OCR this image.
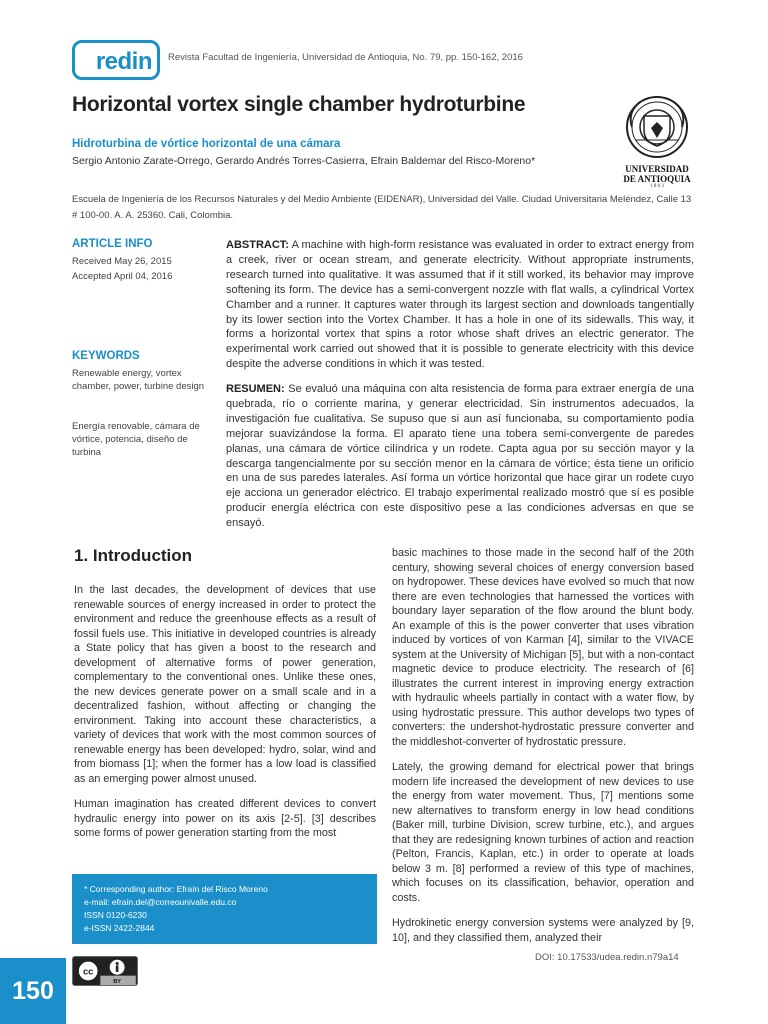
redin	Revista Facultad de Ingeniería, Universidad de Antioquia, No. 79, pp. 150-162, 2016
Horizontal vortex single chamber hydroturbine
Hidroturbina de vórtice horizontal de una cámara
Sergio Antonio Zarate-Orrego, Gerardo Andrés Torres-Casierra, Efrain Baldemar del Risco-Moreno*
UNIVERSIDAD
DE ANTIOQUIA
1 8 0 3
Escuela de Ingeniería de los Recursos Naturales y del Medio Ambiente (EIDENAR), Universidad del Valle. Ciudad Universitaria Meléndez, Calle 13 # 100-00. A. A. 25360. Cali, Colombia.
ARTICLE INFO
Received May 26, 2015
Accepted April 04, 2016
KEYWORDS
Renewable energy, vortex chamber, power, turbine design
Energía renovable, cámara de vórtice, potencia, diseño de turbina
ABSTRACT: A machine with high-form resistance was evaluated in order to extract energy from a creek, river or ocean stream, and generate electricity. Without appropriate instruments, research turned into qualitative. It was assumed that if it still worked, its behavior may improve softening its form. The device has a semi-convergent nozzle with flat walls, a cylindrical Vortex Chamber and a runner. It captures water through its largest section and downloads tangentially by its lower section into the Vortex Chamber. It has a hole in one of its sidewalls. This way, it forms a horizontal vortex that spins a rotor whose shaft drives an electric generator. The experimental work carried out showed that it is possible to generate electricity with this device despite the adverse conditions in which it was tested.
RESUMEN: Se evaluó una máquina con alta resistencia de forma para extraer energía de una quebrada, río o corriente marina, y generar electricidad. Sin instrumentos adecuados, la investigación fue cualitativa. Se supuso que si aun así funcionaba, su comportamiento podía mejorar suavizándose la forma. El aparato tiene una tobera semi-convergente de paredes planas, una cámara de vórtice cilíndrica y un rodete. Capta agua por su sección mayor y la descarga tangencialmente por su sección menor en la cámara de vórtice; ésta tiene un orificio en una de sus paredes laterales. Así forma un vórtice horizontal que hace girar un rodete cuyo eje acciona un generador eléctrico. El trabajo experimental realizado mostró que sí es posible producir energía eléctrica con este dispositivo pese a las condiciones adversas en que se ensayó.
1. Introduction

In the last decades, the development of devices that use renewable sources of energy increased in order to protect the environment and reduce the greenhouse effects as a result of fossil fuels use. This initiative in developed countries is already a State policy that has given a boost to the research and development of alternative forms of power generation, complementary to the conventional ones. Unlike these ones, the new devices generate power on a small scale and in a decentralized fashion, without affecting or changing the environment. Taking into account these characteristics, a variety of devices that work with the most common sources of renewable energy has been developed: hydro, solar, wind and from biomass [1]; when the former has a low load is classified as an emerging power almost unused.

Human imagination has created different devices to convert hydraulic energy into power on its axis [2-5]. [3] describes some forms of power generation starting from the most

basic machines to those made in the second half of the 20th century, showing several choices of energy conversion based on hydropower. These devices have evolved so much that now there are even technologies that harnessed the vortices with boundary layer separation of the flow around the blunt body. An example of this is the power converter that uses vibration induced by vortices of von Karman [4], similar to the VIVACE system at the University of Michigan [5], but with a non-contact magnetic device to produce electricity. The research of [6] illustrates the current interest in improving energy extraction with hydraulic wheels partially in contact with a water flow, by using hydrostatic pressure. This author develops two types of converters: the undershot-hydrostatic pressure converter and the middleshot-converter of hydrostatic pressure.

Lately, the growing demand for electrical power that brings modern life increased the development of new devices to use the energy from water movement. Thus, [7] mentions some new alternatives to transform energy in low head conditions (Baker mill, turbine Division, screw turbine, etc.), and argues that they are redesigning known turbines of action and reaction (Pelton, Francis, Kaplan, etc.) in order to operate at loads below 3 m. [8] performed a review of this type of machines, which focuses on its classification, behavior, operation and costs.

Hydrokinetic energy conversion systems were analyzed by [9, 10], and they classified them, analyzed their

* Corresponding author: Efraín del Risco Moreno
e-mail: efrain.del@correounivalle.edu.co
ISSN 0120-6230
e-ISSN 2422-2844
150
cc
BY
DOI: 10.17533/udea.redin.n79a14
